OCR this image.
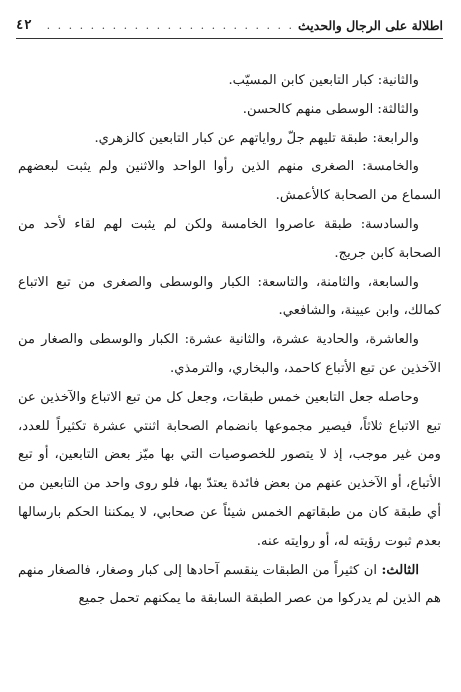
اطلالة على الرجال والحديث
. . . . . . . . . . . . . . . . . . . . . . .
٤٢

والثانية: كبار التابعين كابن المسيّب.

والثالثة: الوسطى منهم كالحسن.

والرابعة: طبقة تليهم جلّ رواياتهم عن كبار التابعين كالزهري.

والخامسة: الصغرى منهم الذين رأوا الواحد والاثنين ولم يثبت لبعضهم السماع من الصحابة كالأعمش.

والسادسة: طبقة عاصروا الخامسة ولكن لم يثبت لهم لقاء لأحد من الصحابة كابن جريج.

والسابعة، والثامنة، والتاسعة: الكبار والوسطى والصغرى من تبع الاتباع كمالك، وابن عيينة، والشافعي.

والعاشرة، والحادية عشرة، والثانية عشرة: الكبار والوسطى والصغار من الآخذين عن تبع الأتباع كاحمد، والبخاري، والترمذي.

وحاصله جعل التابعين خمس طبقات، وجعل كل من تبع الاتباع والآخذين عن تبع الاتباع ثلاثاً، فيصير مجموعها بانضمام الصحابة اثنتي عشرة تكثيراً للعدد، ومن غير موجب، إذ لا يتصور للخصوصيات التي بها ميّز بعض التابعين، أو تبع الأتباع، أو الآخذين عنهم من بعض فائدة يعتدّ بها، فلو روى واحد من التابعين من أي طبقة كان من طبقاتهم الخمس شيئاً عن صحابي، لا يمكننا الحكم بارسالها بعدم ثبوت رؤيته له، أو روايته عنه.

الثالث: ان كثيراً من الطبقات ينقسم آحادها إلى كبار وصغار، فالصغار منهم هم الذين لم يدركوا من عصر الطبقة السابقة ما يمكنهم تحمل جميع
